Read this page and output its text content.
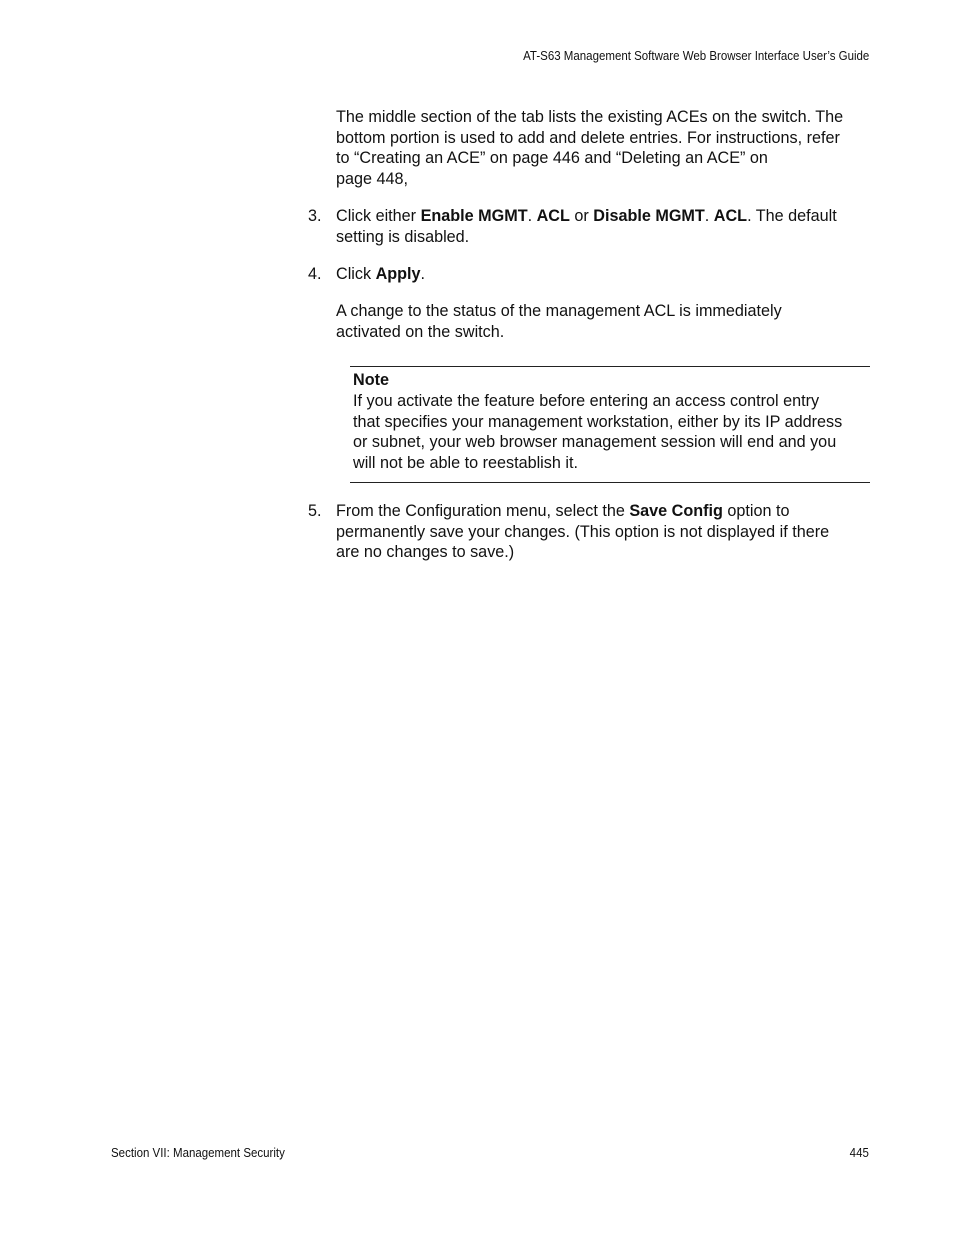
AT-S63 Management Software Web Browser Interface User’s Guide

The middle section of the tab lists the existing ACEs on the switch. The
bottom portion is used to add and delete entries. For instructions, refer
to “Creating an ACE” on page 446 and “Deleting an ACE” on
page 448,

3. Click either Enable MGMT. ACL or Disable MGMT. ACL. The default
setting is disabled.

4. Click Apply.

A change to the status of the management ACL is immediately
activated on the switch.

Note
If you activate the feature before entering an access control entry
that specifies your management workstation, either by its IP address
or subnet, your web browser management session will end and you
will not be able to reestablish it.
5. From the Configuration menu, select the Save Config option to
permanently save your changes. (This option is not displayed if there
are no changes to save.)

Section VII: Management Security	445
